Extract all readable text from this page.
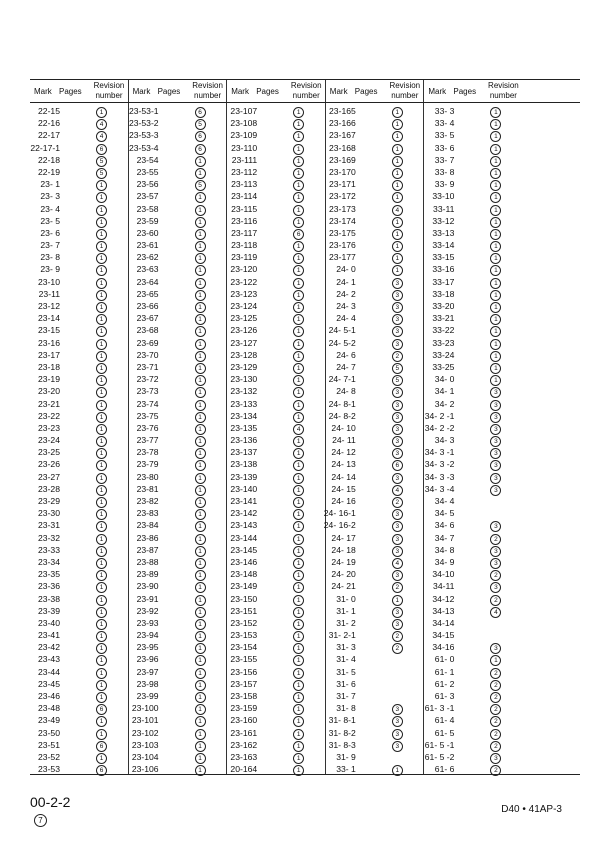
Mark Pages
Revision
number	Mark Pages
Revision
number	Mark Pages
Revision
number	Mark Pages
Revision
number	Mark Pages
Revision
number
22-15	1
22-16	4
22-17	4
22-17-1	6
22-18	5
22-19	5
23- 1	1
23- 3	1
23- 4	1
23- 5	1
23- 6	1
23- 7	1
23- 8	1
23- 9	1
23-10	1
23-11	1
23-12	1
23-14	1
23-15	1
23-16	1
23-17	1
23-18	1
23-19	1
23-20	1
23-21	1
23-22	1
23-23	1
23-24	1
23-25	1
23-26	1
23-27	1
23-28	1
23-29	1
23-30	1
23-31	1
23-32	1
23-33	1
23-34	1
23-35	1
23-36	1
23-38	1
23-39	1
23-40	1
23-41	1
23-42	1
23-43	1
23-44	1
23-45	1
23-46	1
23-48	6
23-49	1
23-50	1
23-51	6
23-52	1
23-53	6
23-53-1	6
23-53-2	5
23-53-3	6
23-53-4	6
23-54	1
23-55	1
23-56	5
23-57	1
23-58	1
23-59	1
23-60	1
23-61	1
23-62	1
23-63	1
23-64	1
23-65	1
23-66	1
23-67	1
23-68	1
23-69	1
23-70	1
23-71	1
23-72	1
23-73	1
23-74	1
23-75	1
23-76	1
23-77	1
23-78	1
23-79	1
23-80	1
23-81	1
23-82	1
23-83	1
23-84	1
23-86	1
23-87	1
23-88	1
23-89	1
23-90	1
23-91	1
23-92	1
23-93	1
23-94	1
23-95	1
23-96	1
23-97	1
23-98	1
23-99	1
23-100	1
23-101	1
23-102	1
23-103	1
23-104	1
23-106	1
23-107	1
23-108	1
23-109	1
23-110	1
23-111	1
23-112	1
23-113	1
23-114	1
23-115	1
23-116	1
23-117	6
23-118	1
23-119	1
23-120	1
23-122	1
23-123	1
23-124	1
23-125	1
23-126	1
23-127	1
23-128	1
23-129	1
23-130	1
23-132	1
23-133	1
23-134	1
23-135	4
23-136	1
23-137	1
23-138	1
23-139	1
23-140	1
23-141	1
23-142	1
23-143	1
23-144	1
23-145	1
23-146	1
23-148	1
23-149	1
23-150	1
23-151	1
23-152	1
23-153	1
23-154	1
23-155	1
23-156	1
23-157	1
23-158	1
23-159	1
23-160	1
23-161	1
23-162	1
23-163	1
20-164	1
23-165	1
23-166	1
23-167	1
23-168	1
23-169	1
23-170	1
23-171	1
23-172	1
23-173	4
23-174	1
23-175	1
23-176	1
23-177	1
24- 0	1
24- 1	3
24- 2	3
24- 3	3
24- 4	3
24- 5-1	3
24- 5-2	3
24- 6	2
24- 7	5
24- 7-1	5
24- 8	3
24- 8-1	3
24- 8-2	3
24- 10	3
24- 11	3
24- 12	3
24- 13	6
24- 14	3
24- 15	4
24- 16	2
24- 16-1	3
24- 16-2	3
24- 17	3
24- 18	3
24- 19	4
24- 20	3
24- 21	2
31- 0	1
31- 1	3
31- 2	3
31- 2-1	2
31- 3	2
31- 4
31- 5
31- 6
31- 7
31- 8	3
31- 8-1	3
31- 8-2	3
31- 8-3	3
31- 9
33- 1	1
33- 3	1
33- 4	1
33- 5	1
33- 6	1
33- 7	1
33- 8	1
33- 9	1
33-10	1
33-11	1
33-12	1
33-13	1
33-14	1
33-15	1
33-16	1
33-17	1
33-18	1
33-20	1
33-21	1
33-22	1
33-23	1
33-24	1
33-25	1
34- 0	1
34- 1	3
34- 2	3
34- 2 -1	3
34- 2 -2	3
34- 3	3
34- 3 -1	3
34- 3 -2	3
34- 3 -3	3
34- 3 -4	3
34- 4
34- 5
34- 6	3
34- 7	2
34- 8	3
34- 9	3
34-10	2
34-11	3
34-12	2
34-13	4
34-14
34-15
34-16	3
61- 0	1
61- 1	2
61- 2	2
61- 3	2
61- 3 -1	2
61- 4	2
61- 5	2
61- 5 -1	2
61- 5 -2	3
61- 6	2
00-2-2
7
D40 • 41AP-3
